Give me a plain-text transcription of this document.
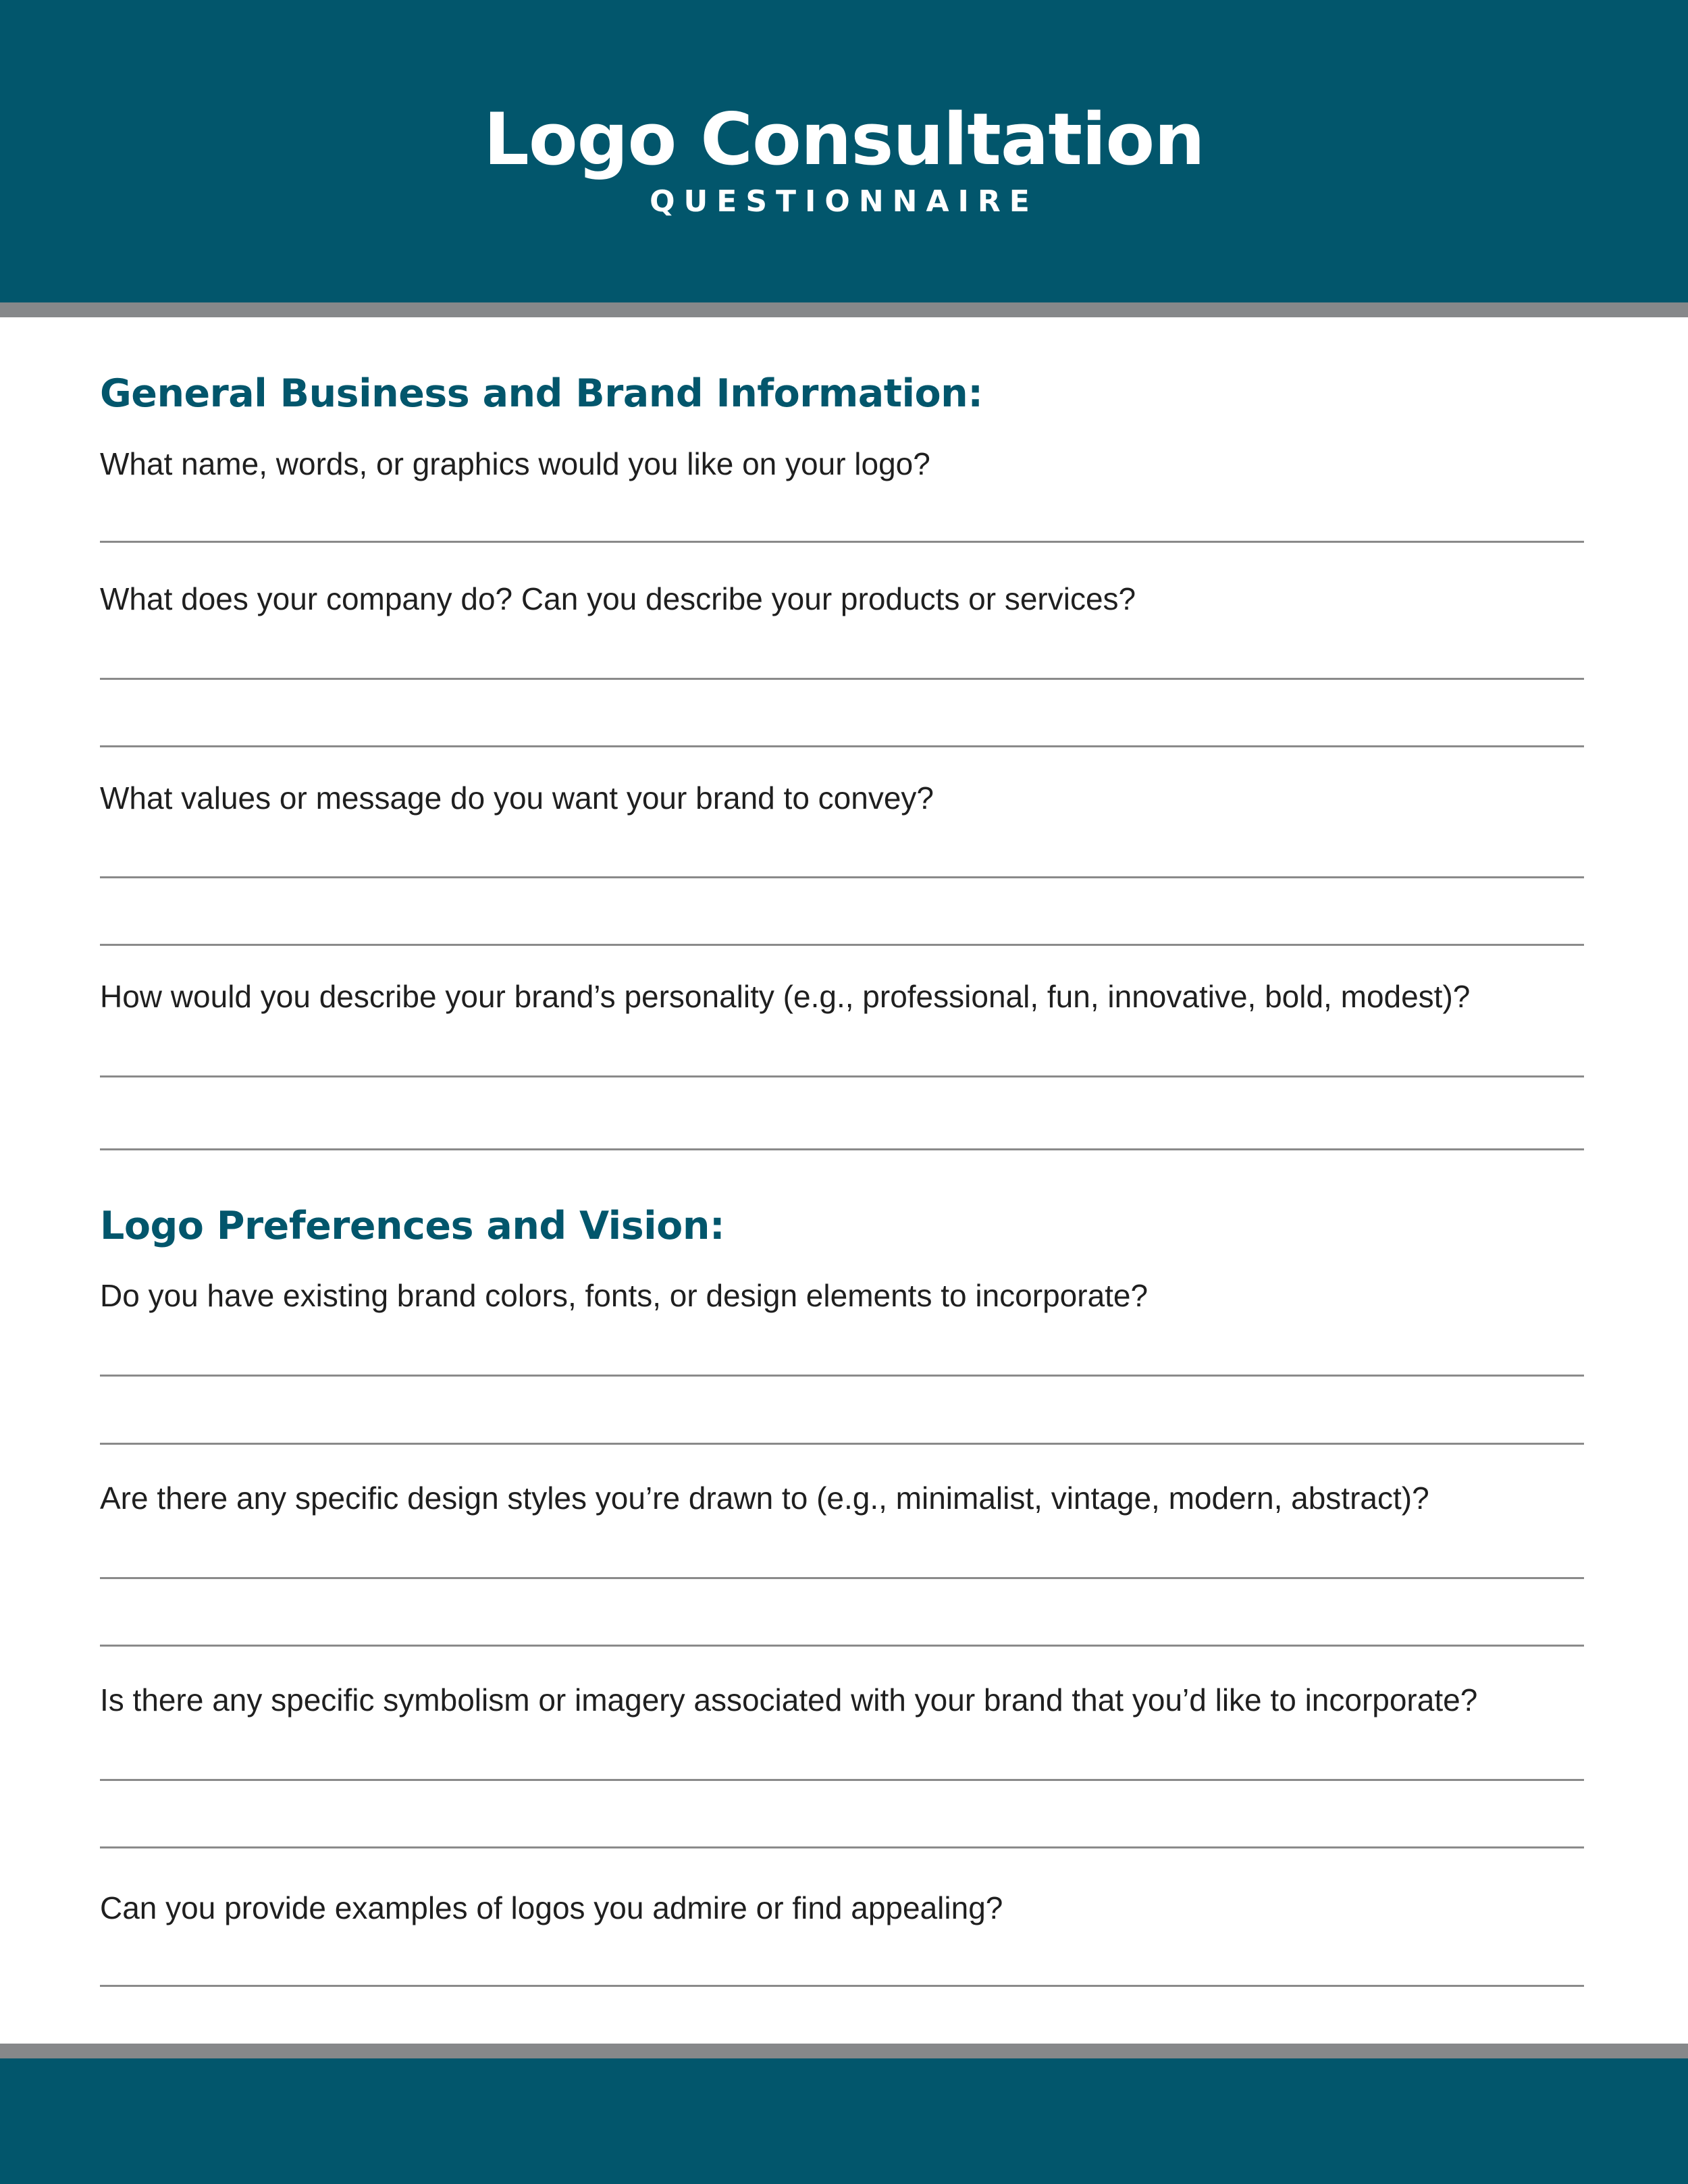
Logo Consultation
QUESTIONNAIRE
General Business and Brand Information:
What name, words, or graphics would you like on your logo?
What does your company do? Can you describe your products or services?
What values or message do you want your brand to convey?
How would you describe your brand’s personality (e.g., professional, fun, innovative, bold, modest)?
Logo Preferences and Vision:
Do you have existing brand colors, fonts, or design elements to incorporate?
Are there any specific design styles you’re drawn to (e.g., minimalist, vintage, modern, abstract)?
Is there any specific symbolism or imagery associated with your brand that you’d like to incorporate?
Can you provide examples of logos you admire or find appealing?
